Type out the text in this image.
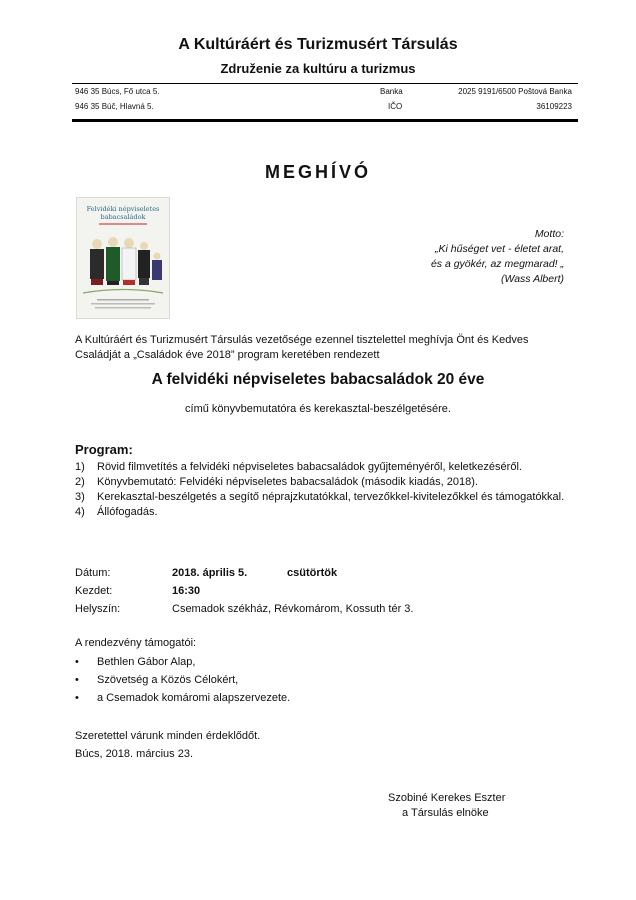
A Kultúráért és Turizmusért Társulás
Združenie za kultúru a turizmus
946 35 Búcs, Fő utca 5.	Banka	2025 9191/6500 Poštová Banka
946 35 Búč, Hlavná 5.	IČO	36109223
MEGHÍVÓ
Felvidéki népviseletes
babacsaládok
Motto:
„Ki hűséget vet - életet arat,
és a gyökér, az megmarad! „
(Wass Albert)
A Kultúráért és Turizmusért Társulás vezetősége ezennel tisztelettel meghívja Önt és Kedves
Családját a „Családok éve 2018” program keretében rendezett
A felvidéki népviseletes babacsaládok 20 éve
című könyvbemutatóra és kerekasztal-beszélgetésére.
Program:
1)	Rövid filmvetítés a felvidéki népviseletes babacsaládok gyűjteményéről, keletkezéséről.
2)	Könyvbemutató: Felvidéki népviseletes babacsaládok (második kiadás, 2018).
3)	Kerekasztal-beszélgetés a segítő néprajzkutatókkal, tervezőkkel-kivitelezőkkel és támogatókkal.
4)	Állófogadás.
Dátum:	2018. április 5.	csütörtök
Kezdet:	16:30
Helyszín:	Csemadok székház, Révkomárom, Kossuth tér 3.
A rendezvény támogatói:
•	Bethlen Gábor Alap,
•	Szövetség a Közös Célokért,
•	a Csemadok komáromi alapszervezete.
Szeretettel várunk minden érdeklődőt.
Búcs, 2018. március 23.
Szobiné Kerekes Eszter
a Társulás elnöke
